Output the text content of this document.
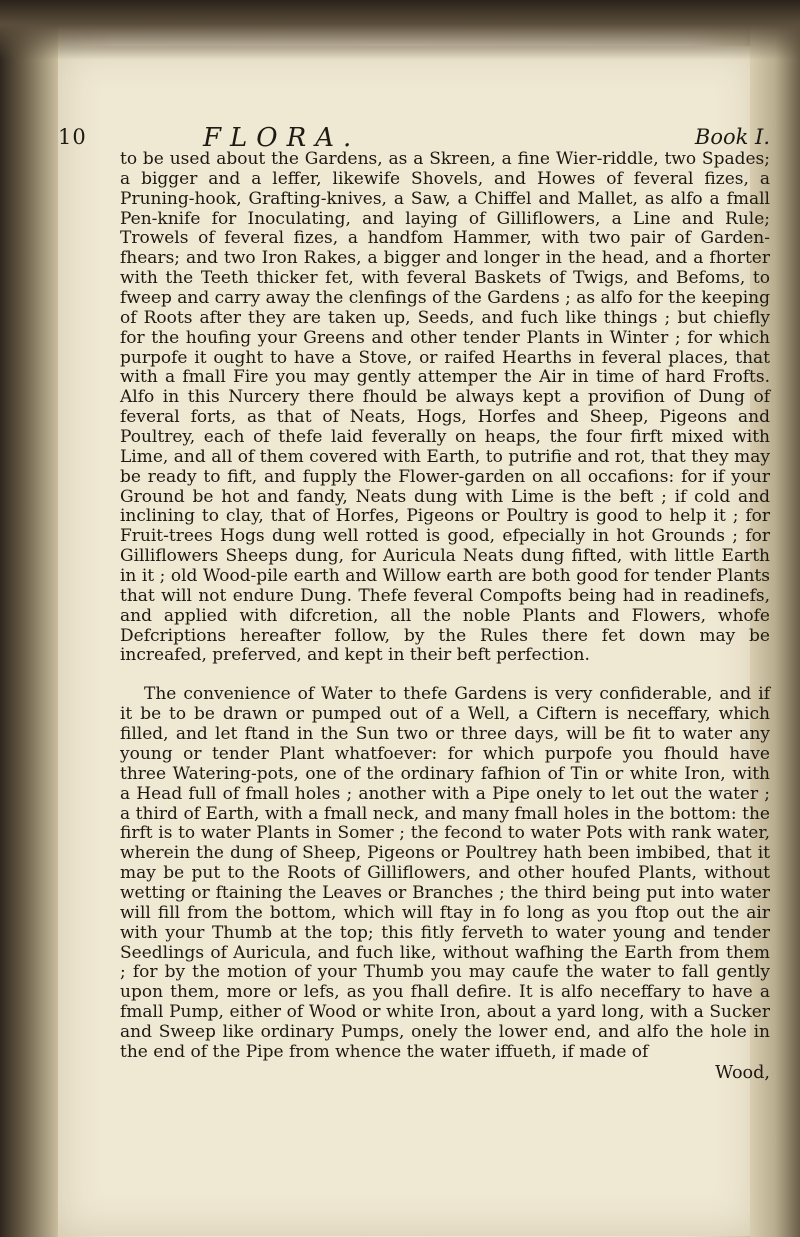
10	FLORA.	Book I.

to be used about the Gardens, as a Skreen, a fine Wier-riddle, two Spades; a bigger and a leffer, likewife Shovels, and Howes of feveral fizes, a Pruning-hook, Grafting-knives, a Saw, a Chiffel and Mallet, as alfo a fmall Pen-knife for Inoculating, and laying of Gilliflowers, a Line and Rule; Trowels of feveral fizes, a handfom Hammer, with two pair of Garden-fhears; and two Iron Rakes, a bigger and longer in the head, and a fhorter with the Teeth thicker fet, with feveral Baskets of Twigs, and Befoms, to fweep and carry away the clenfings of the Gardens ; as alfo for the keeping of Roots after they are taken up, Seeds, and fuch like things ; but chiefly for the houfing your Greens and other tender Plants in Winter ; for which purpofe it ought to have a Stove, or raifed Hearths in feveral places, that with a fmall Fire you may gently attemper the Air in time of hard Frofts. Alfo in this Nurcery there fhould be always kept a provifion of Dung of feveral forts, as that of Neats, Hogs, Horfes and Sheep, Pigeons and Poultrey, each of thefe laid feverally on heaps, the four firft mixed with Lime, and all of them covered with Earth, to putrifie and rot, that they may be ready to fift, and fupply the Flower-garden on all occafions: for if your Ground be hot and fandy, Neats dung with Lime is the beft ; if cold and inclining to clay, that of Horfes, Pigeons or Poultry is good to help it ; for Fruit-trees Hogs dung well rotted is good, efpecially in hot Grounds ; for Gilliflowers Sheeps dung, for Auricula Neats dung fifted, with little Earth in it ; old Wood-pile earth and Willow earth are both good for tender Plants that will not endure Dung. Thefe feveral Compofts being had in readinefs, and applied with difcretion, all the noble Plants and Flowers, whofe Defcriptions hereafter follow, by the Rules there fet down may be increafed, preferved, and kept in their beft perfection.

The convenience of Water to thefe Gardens is very confiderable, and if it be to be drawn or pumped out of a Well, a Ciftern is neceffary, which filled, and let ftand in the Sun two or three days, will be fit to water any young or tender Plant whatfoever: for which purpofe you fhould have three Watering-pots, one of the ordinary fafhion of Tin or white Iron, with a Head full of fmall holes ; another with a Pipe onely to let out the water ; a third of Earth, with a fmall neck, and many fmall holes in the bottom: the firft is to water Plants in Somer ; the fecond to water Pots with rank water, wherein the dung of Sheep, Pigeons or Poultrey hath been imbibed, that it may be put to the Roots of Gilliflowers, and other houfed Plants, without wetting or ftaining the Leaves or Branches ; the third being put into water will fill from the bottom, which will ftay in fo long as you ftop out the air with your Thumb at the top; this fitly ferveth to water young and tender Seedlings of Auricula, and fuch like, without wafhing the Earth from them ; for by the motion of your Thumb you may caufe the water to fall gently upon them, more or lefs, as you fhall defire. It is alfo neceffary to have a fmall Pump, either of Wood or white Iron, about a yard long, with a Sucker and Sweep like ordinary Pumps, onely the lower end, and alfo the hole in the end of the Pipe from whence the water iffueth, if made of

Wood,
